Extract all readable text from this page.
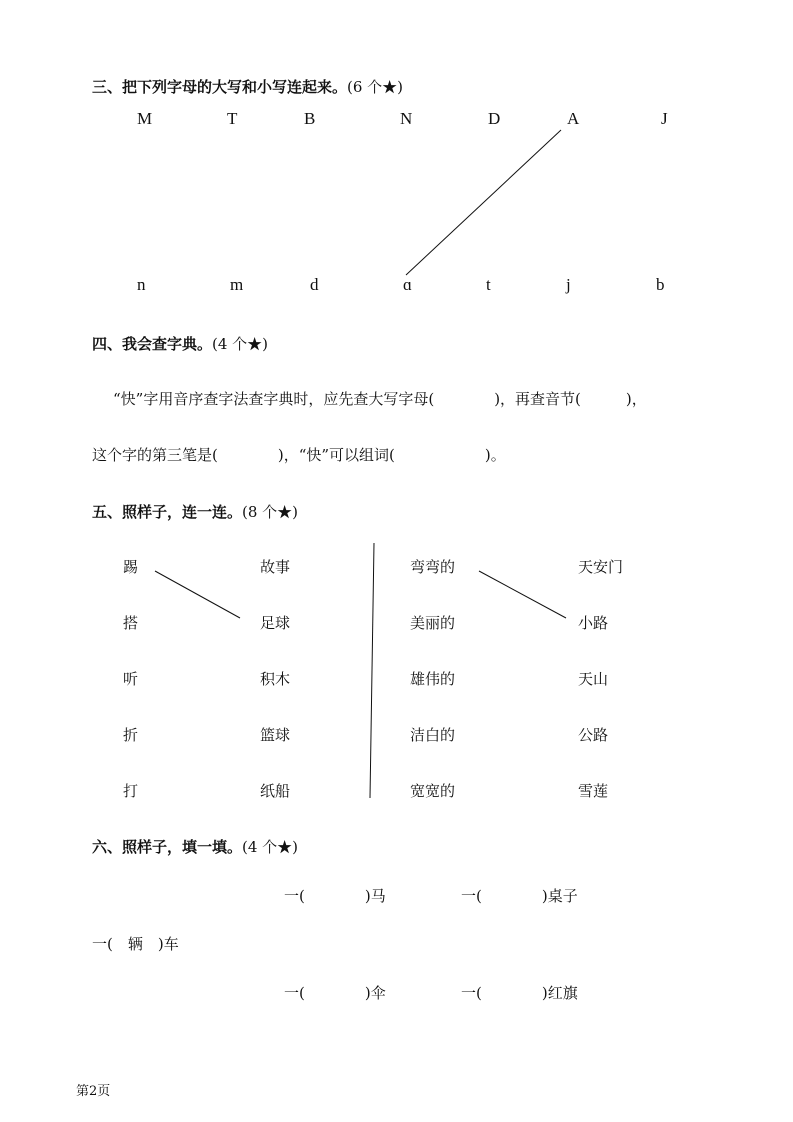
三、把下列字母的大写和小写连起来。(6 个★)
M	T	B	N	D	A	J
n	m	d	ɑ	t	j	b
四、我会查字典。(4 个★)
“快”字用音序查字法查字典时，应先查大写字母(　　　　)，再查音节(　　　)，
这个字的第三笔是(　　　　)，“快”可以组词(　　　　　　)。
五、照样子，连一连。(8 个★)
踢
搭
听
折
打
故事
足球
积木
篮球
纸船
弯弯的
美丽的
雄伟的
洁白的
宽宽的
天安门
小路
天山
公路
雪莲
六、照样子，填一填。(4 个★)
一(　　　　)马	一(　　　　)桌子
一(　辆　)车
一(　　　　)伞	一(　　　　)红旗
第2页
